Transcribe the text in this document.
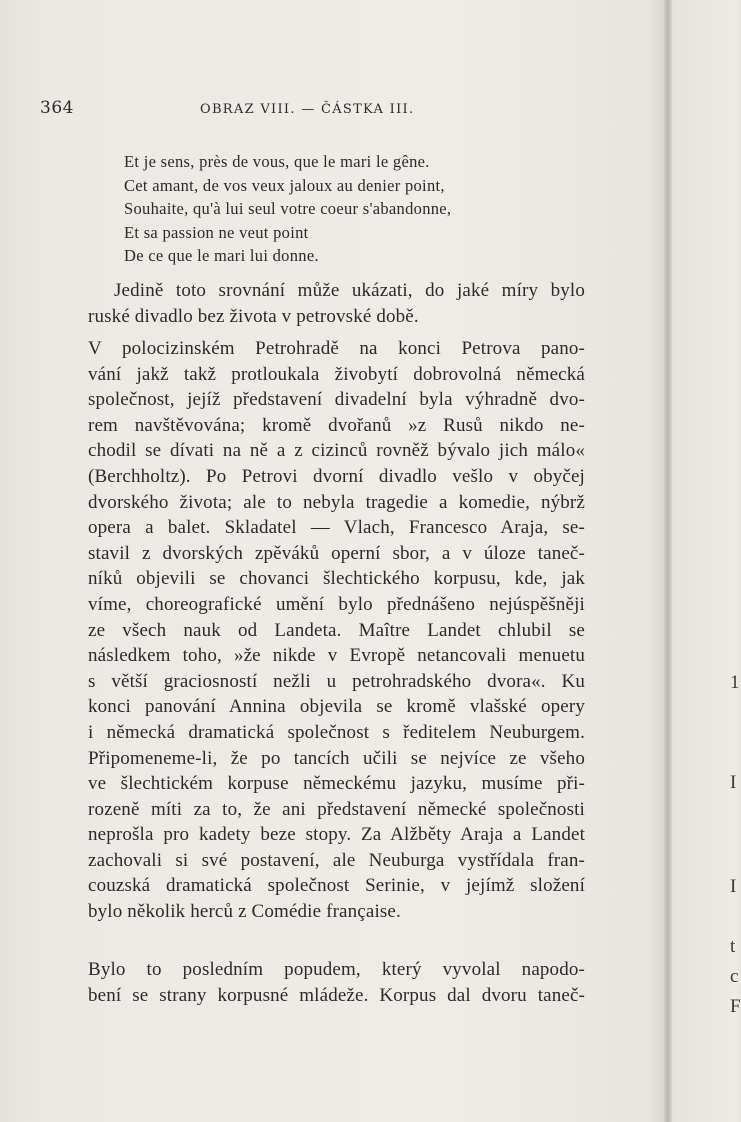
364	OBRAZ VIII. — ČÁSTKA III.
Et je sens, près de vous, que le mari le gêne.
Cet amant, de vos veux jaloux au denier point,
Souhaite, qu'à lui seul votre coeur s'abandonne,
Et sa passion ne veut point
De ce que le mari lui donne.
Jedině toto srovnání může ukázati, do jaké míry bylo
ruské divadlo bez života v petrovské době.
V polocizinském Petrohradě na konci Petrova pano-
vání jakž takž protloukala živobytí dobrovolná německá
společnost, jejíž představení divadelní byla výhradně dvo-
rem navštěvována; kromě dvořanů »z Rusů nikdo ne-
chodil se dívati na ně a z cizinců rovněž bývalo jich málo«
(Berchholtz). Po Petrovi dvorní divadlo vešlo v obyčej
dvorského života; ale to nebyla tragedie a komedie, nýbrž
opera a balet. Skladatel — Vlach, Francesco Araja, se-
stavil z dvorských zpěváků operní sbor, a v úloze taneč-
níků objevili se chovanci šlechtického korpusu, kde, jak
víme, choreografické umění bylo přednášeno nejúspěšněji
ze všech nauk od Landeta. Maître Landet chlubil se
následkem toho, »že nikde v Evropě netancovali menuetu
s větší graciosností nežli u petrohradského dvora«. Ku
konci panování Annina objevila se kromě vlašské opery
i německá dramatická společnost s ředitelem Neuburgem.
Připomeneme-li, že po tancích učili se nejvíce ze všeho
ve šlechtickém korpuse německému jazyku, musíme při-
rozeně míti za to, že ani představení německé společnosti
neprošla pro kadety beze stopy. Za Alžběty Araja a Landet
zachovali si své postavení, ale Neuburga vystřídala fran-
couzská dramatická společnost Serinie, v jejímž složení
bylo několik herců z Comédie française.
Bylo to posledním popudem, který vyvolal napodo-
bení se strany korpusné mládeže. Korpus dal dvoru taneč-
1
I
t
c
F
I
